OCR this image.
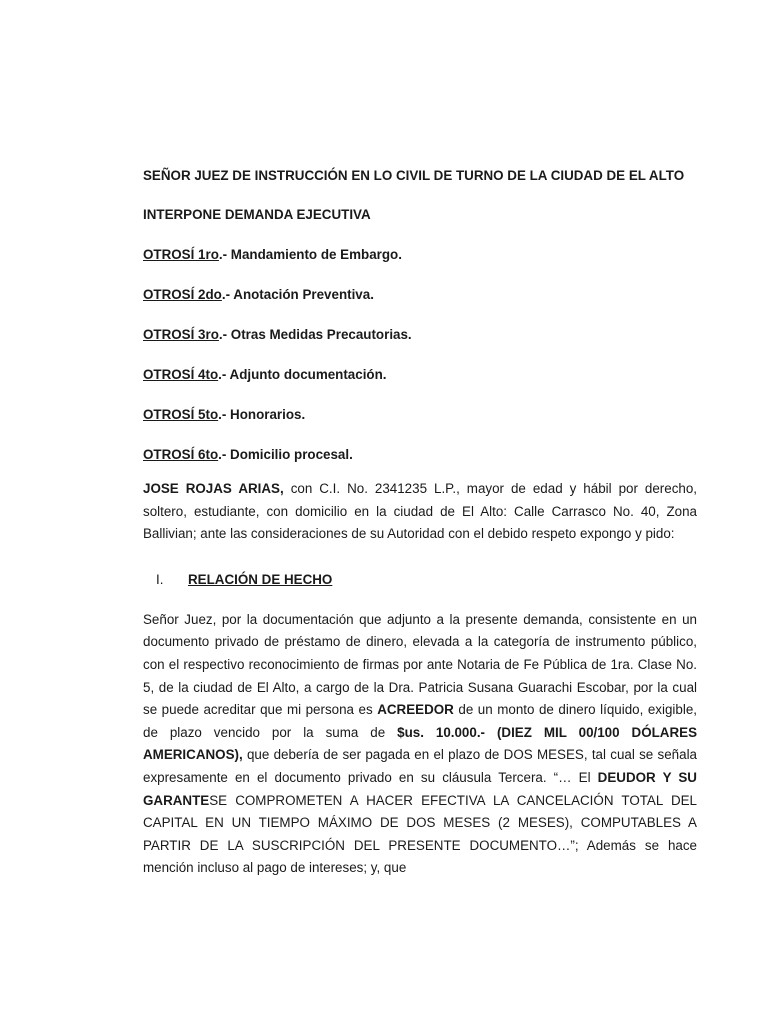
SEÑOR JUEZ DE INSTRUCCIÓN EN LO CIVIL DE TURNO DE LA CIUDAD DE EL ALTO

INTERPONE DEMANDA EJECUTIVA

OTROSÍ 1ro.- Mandamiento de Embargo.

OTROSÍ 2do.- Anotación Preventiva.

OTROSÍ 3ro.- Otras Medidas Precautorias.

OTROSÍ 4to.- Adjunto documentación.

OTROSÍ 5to.- Honorarios.

OTROSÍ 6to.- Domicilio procesal.

JOSE ROJAS ARIAS, con C.I. No. 2341235 L.P., mayor de edad y hábil por derecho, soltero, estudiante, con domicilio en la ciudad de El Alto: Calle Carrasco No. 40, Zona Ballivian; ante las consideraciones de su Autoridad con el debido respeto expongo y pido:

I. RELACIÓN DE HECHO

Señor Juez, por la documentación que adjunto a la presente demanda, consistente en un documento privado de préstamo de dinero, elevada a la categoría de instrumento público, con el respectivo reconocimiento de firmas por ante Notaria de Fe Pública de 1ra. Clase No. 5, de la ciudad de El Alto, a cargo de la Dra. Patricia Susana Guarachi Escobar, por la cual se puede acreditar que mi persona es ACREEDOR de un monto de dinero líquido, exigible, de plazo vencido por la suma de $us. 10.000.- (DIEZ MIL 00/100 DÓLARES AMERICANOS), que debería de ser pagada en el plazo de DOS MESES, tal cual se señala expresamente en el documento privado en su cláusula Tercera. “… El DEUDOR Y SU GARANTESE COMPROMETEN A HACER EFECTIVA LA CANCELACIÓN TOTAL DEL CAPITAL EN UN TIEMPO MÁXIMO DE DOS MESES (2 MESES), COMPUTABLES A PARTIR DE LA SUSCRIPCIÓN DEL PRESENTE DOCUMENTO…”; Además se hace mención incluso al pago de intereses; y, que
